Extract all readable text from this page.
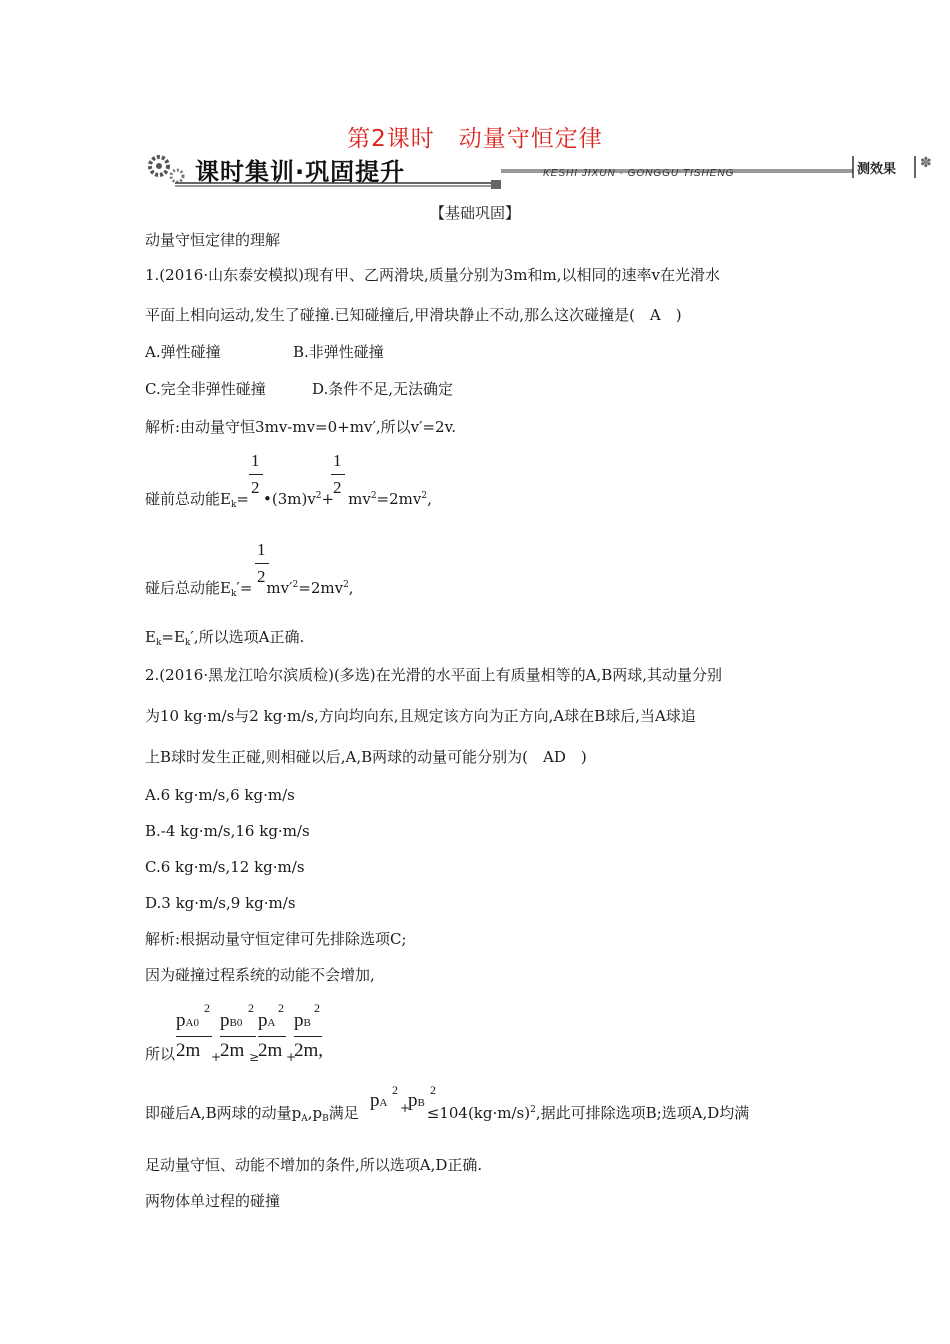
第2课时　动量守恒定律
课时集训·巩固提升	KESHI JIXUN · GONGGU TISHENG	测效果 ✽
【基础巩固】
动量守恒定律的理解
1.(2016·山东泰安模拟)现有甲、乙两滑块,质量分别为3m和m,以相同的速率v在光滑水
平面上相向运动,发生了碰撞.已知碰撞后,甲滑块静止不动,那么这次碰撞是(　A　)
A.弹性碰撞	B.非弹性碰撞
C.完全非弹性碰撞	D.条件不足,无法确定
解析:由动量守恒3mv-mv=0+mv′,所以v′=2v.
1
2
1
2
碰前总动能$E_k=$ $•(3m)v^2+ mv^2=2mv^2$,
1
2
碰后总动能$E_k'= mv'^2=2mv^2$,
$E_k=E_k'$,所以选项A正确.
2.(2016·黑龙江哈尔滨质检)(多选)在光滑的水平面上有质量相等的A,B两球,其动量分别
为10 kg·m/s与2 kg·m/s,方向均向东,且规定该方向为正方向,A球在B球后,当A球追
上B球时发生正碰,则相碰以后,A,B两球的动量可能分别为(　AD　)
A.6 kg·m/s,6 kg·m/s
B.-4 kg·m/s,16 kg·m/s
C.6 kg·m/s,12 kg·m/s
D.3 kg·m/s,9 kg·m/s
解析:根据动量守恒定律可先排除选项C;
因为碰撞过程系统的动能不会增加,
pA0
2
2m +
pB0
2
2m ≥
pA
2
2m +
pB
2
2m,
所以
pA
2
+
pB
2
即碰后A,B两球的动量$p_A,p_B$满足	$\le 104(kg\cdot m/s)^2$,据此可排除选项B;选项A,D均满
足动量守恒、动能不增加的条件,所以选项A,D正确.
两物体单过程的碰撞
